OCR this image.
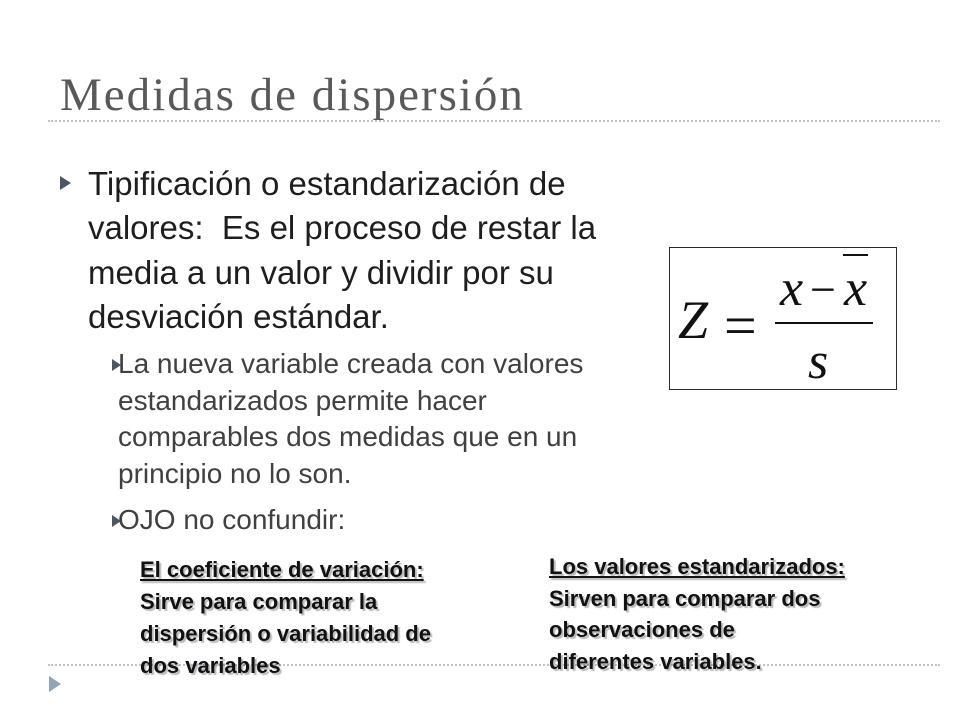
Medidas de dispersión
Tipificación o estandarización de
valores:  Es el proceso de restar la
media a un valor y dividir por su
desviación estándar.
La nueva variable creada con valores
estandarizados permite hacer
comparables dos medidas que en un
principio no lo son.
OJO no confundir:
Z =
x − x
s
El coeficiente de variación:
Sirve para comparar la
dispersión o variabilidad de
dos variables
Los valores estandarizados:
Sirven para comparar dos
observaciones de
diferentes variables.
